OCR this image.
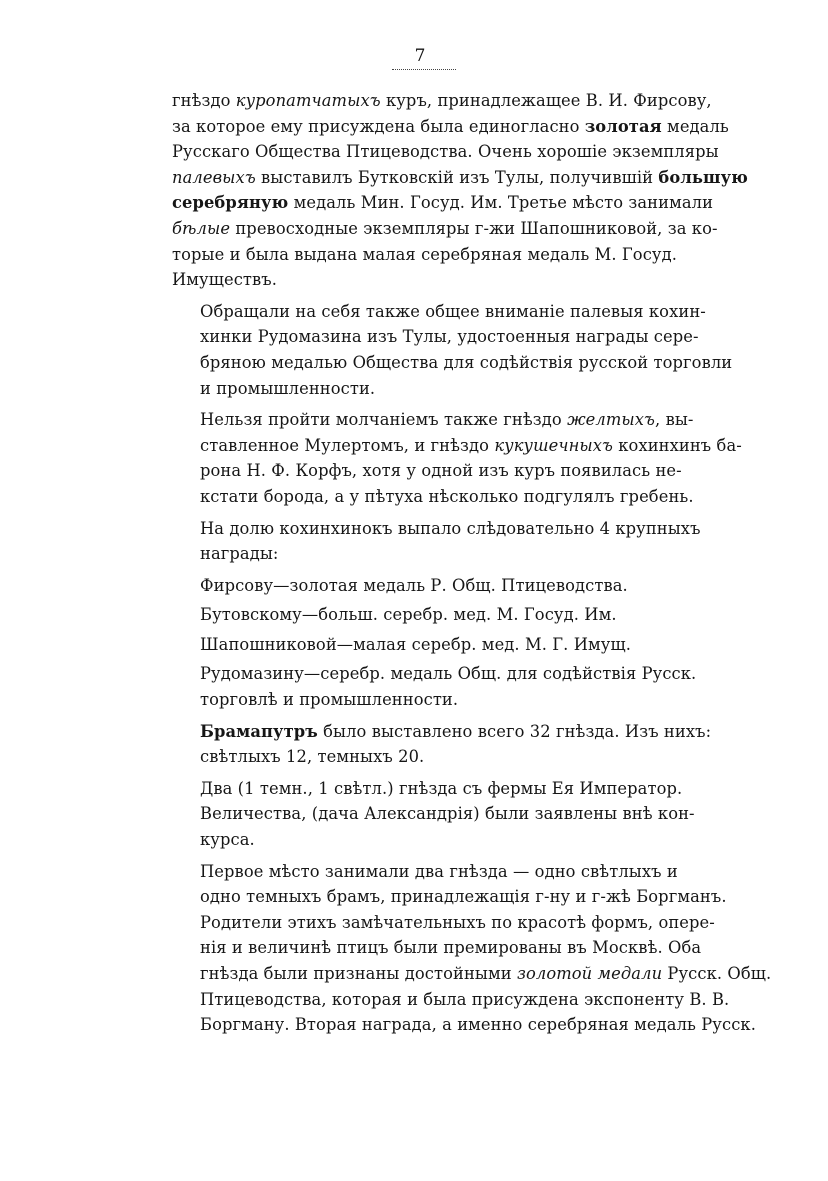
7
гнѣздо куропатчатыхъ куръ, принадлежащее В. И. Фирсову,
за которое ему присуждена была единогласно золотая медаль
Русскаго Общества Птицеводства. Очень хорошіе экземпляры
палевыхъ выставилъ Бутковскій изъ Тулы, получившій большую
серебряную медаль Мин. Госуд. Им. Третье мѣсто занимали
бѣлые превосходные экземпляры г-жи Шапошниковой, за ко-
торые и была выдана малая серебряная медаль М. Госуд.
Имуществъ.
Обращали на себя также общее вниманіе палевыя кохин-
хинки Рудомазина изъ Тулы, удостоенныя награды сере-
бряною медалью Общества для содѣйствія русской торговли
и промышленности.
Нельзя пройти молчаніемъ также гнѣздо желтыхъ, вы-
ставленное Мулертомъ, и гнѣздо кукушечныхъ кохинхинъ ба-
рона Н. Ф. Корфъ, хотя у одной изъ куръ появилась не-
кстати борода, а у пѣтуха нѣсколько подгулялъ гребень.
На долю кохинхинокъ выпало слѣдовательно 4 крупныхъ
награды:
Фирсову—золотая медаль Р. Общ. Птицеводства.
Бутовскому—больш. серебр. мед. М. Госуд. Им.
Шапошниковой—малая серебр. мед. М. Г. Имущ.
Рудомазину—серебр. медаль Общ. для содѣйствія Русск.
торговлѣ и промышленности.
Брамапутръ было выставлено всего 32 гнѣзда. Изъ нихъ:
свѣтлыхъ 12, темныхъ 20.
Два (1 темн., 1 свѣтл.) гнѣзда съ фермы Ея Император.
Величества, (дача Александрія) были заявлены внѣ кон-
курса.
Первое мѣсто занимали два гнѣзда — одно свѣтлыхъ и
одно темныхъ брамъ, принадлежащія г-ну и г-жѣ Боргманъ.
Родители этихъ замѣчательныхъ по красотѣ формъ, опере-
нія и величинѣ птицъ были премированы въ Москвѣ. Оба
гнѣзда были признаны достойными золотой медали Русск. Общ.
Птицеводства, которая и была присуждена экспоненту В. В.
Боргману. Вторая награда, а именно серебряная медаль Русск.
